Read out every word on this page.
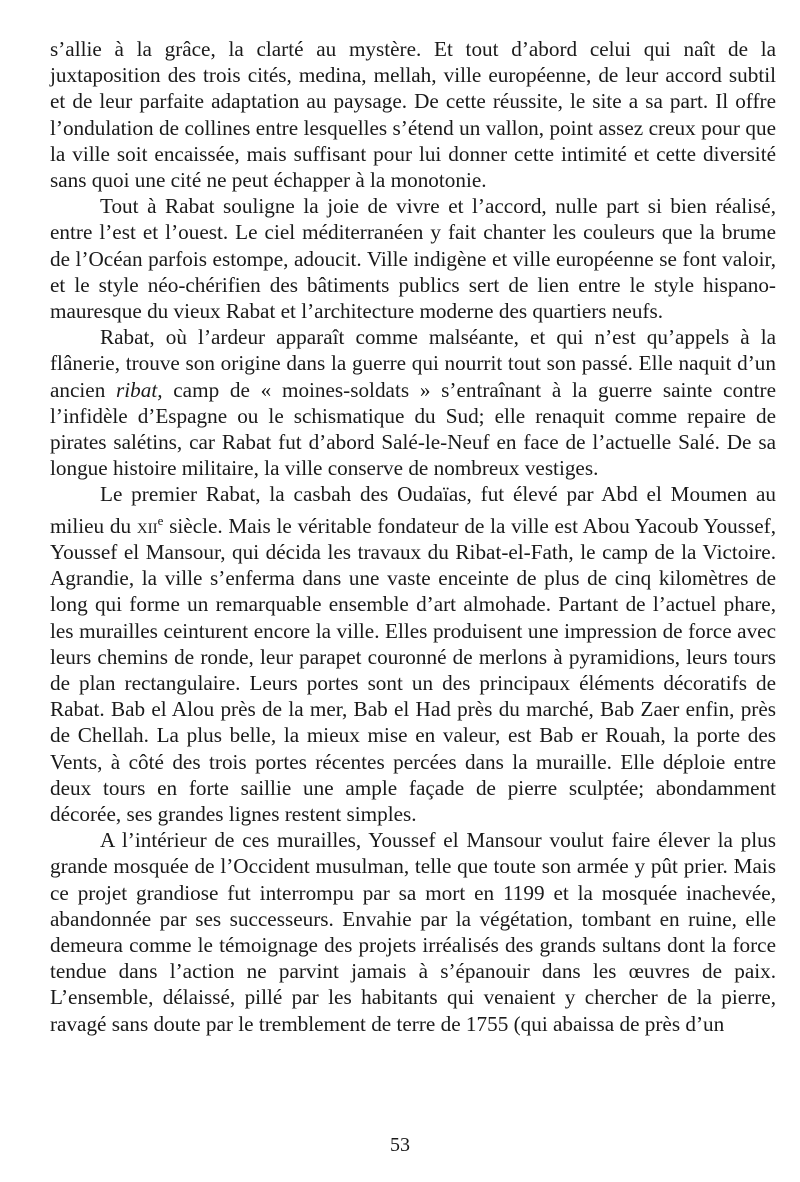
s’allie à la grâce, la clarté au mystère. Et tout d’abord celui qui naît de la juxtaposition des trois cités, medina, mellah, ville européenne, de leur accord subtil et de leur parfaite adaptation au paysage. De cette réussite, le site a sa part. Il offre l’ondulation de collines entre lesquelles s’étend un vallon, point assez creux pour que la ville soit encaissée, mais suffisant pour lui donner cette intimité et cette diversité sans quoi une cité ne peut échapper à la monotonie.

Tout à Rabat souligne la joie de vivre et l’accord, nulle part si bien réalisé, entre l’est et l’ouest. Le ciel méditerranéen y fait chanter les couleurs que la brume de l’Océan parfois estompe, adoucit. Ville indigène et ville européenne se font valoir, et le style néo-chérifien des bâtiments publics sert de lien entre le style hispano-mauresque du vieux Rabat et l’architecture moderne des quartiers neufs.

Rabat, où l’ardeur apparaît comme malséante, et qui n’est qu’appels à la flânerie, trouve son origine dans la guerre qui nourrit tout son passé. Elle naquit d’un ancien ribat, camp de « moines-soldats » s’entraînant à la guerre sainte contre l’infidèle d’Espagne ou le schismatique du Sud; elle renaquit comme repaire de pirates salétins, car Rabat fut d’abord Salé-le-Neuf en face de l’actuelle Salé. De sa longue histoire militaire, la ville conserve de nombreux vestiges.

Le premier Rabat, la casbah des Oudaïas, fut élevé par Abd el Moumen au milieu du xii$^e$ siècle. Mais le véritable fondateur de la ville est Abou Yacoub Youssef, Youssef el Mansour, qui décida les travaux du Ribat-el-Fath, le camp de la Victoire. Agrandie, la ville s’enferma dans une vaste enceinte de plus de cinq kilomètres de long qui forme un remarquable ensemble d’art almohade. Partant de l’actuel phare, les murailles ceinturent encore la ville. Elles produisent une impression de force avec leurs chemins de ronde, leur parapet couronné de merlons à pyramidions, leurs tours de plan rectangulaire. Leurs portes sont un des principaux éléments décoratifs de Rabat. Bab el Alou près de la mer, Bab el Had près du marché, Bab Zaer enfin, près de Chellah. La plus belle, la mieux mise en valeur, est Bab er Rouah, la porte des Vents, à côté des trois portes récentes percées dans la muraille. Elle déploie entre deux tours en forte saillie une ample façade de pierre sculptée; abondamment décorée, ses grandes lignes restent simples.

A l’intérieur de ces murailles, Youssef el Mansour voulut faire élever la plus grande mosquée de l’Occident musulman, telle que toute son armée y pût prier. Mais ce projet grandiose fut interrompu par sa mort en 1199 et la mosquée inachevée, abandonnée par ses successeurs. Envahie par la végétation, tombant en ruine, elle demeura comme le témoignage des projets irréalisés des grands sultans dont la force tendue dans l’action ne parvint jamais à s’épanouir dans les œuvres de paix. L’ensemble, délaissé, pillé par les habitants qui venaient y chercher de la pierre, ravagé sans doute par le tremblement de terre de 1755 (qui abaissa de près d’un

53
